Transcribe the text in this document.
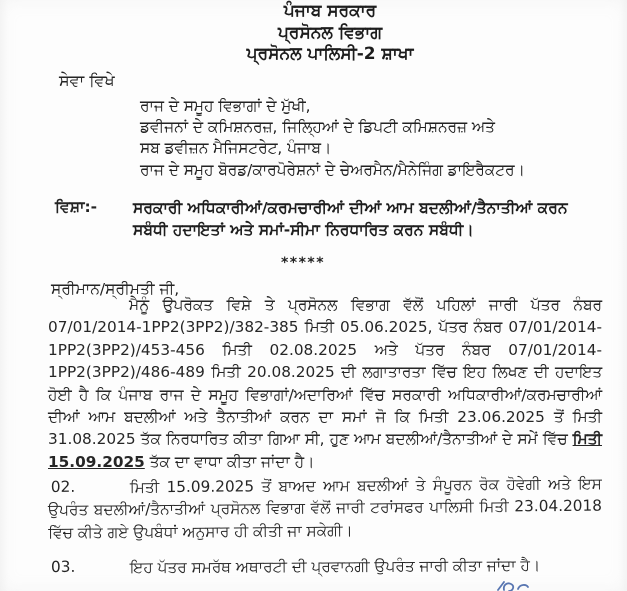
ਪੰਜਾਬ ਸਰਕਾਰ
ਪ੍ਰਸੋਨਲ ਵਿਭਾਗ
ਪ੍ਰਸੋਨਲ ਪਾਲਿਸੀ-2 ਸ਼ਾਖਾ
ਸੇਵਾ ਵਿਖੇ
ਰਾਜ ਦੇ ਸਮੂਹ ਵਿਭਾਗਾਂ ਦੇ ਮੁੱਖੀ,
ਡਵੀਜਨਾਂ ਦੇ ਕਮਿਸ਼ਨਰਜ਼, ਜਿਲ੍ਹਿਆਂ ਦੇ ਡਿਪਟੀ ਕਮਿਸ਼ਨਰਜ਼ ਅਤੇ
ਸਬ ਡਵੀਜ਼ਨ ਮੈਜਿਸਟਰੇਟ, ਪੰਜਾਬ।
ਰਾਜ ਦੇ ਸਮੂਹ ਬੋਰਡ/ਕਾਰਪੋਰੇਸ਼ਨਾਂ ਦੇ ਚੇਅਰਮੈਨ/ਮੈਨੇਜਿੰਗ ਡਾਇਰੈਕਟਰ।
ਵਿਸ਼ਾ:- ਸਰਕਾਰੀ ਅਧਿਕਾਰੀਆਂ/ਕਰਮਚਾਰੀਆਂ ਦੀਆਂ ਆਮ ਬਦਲੀਆਂ/ਤੈਨਾਤੀਆਂ ਕਰਨ ਸਬੰਧੀ ਹਦਾਇਤਾਂ ਅਤੇ ਸਮਾਂ-ਸੀਮਾ ਨਿਰਧਾਰਿਤ ਕਰਨ ਸਬੰਧੀ।
*****
ਸ੍ਰੀਮਾਨ/ਸ੍ਰੀਮਤੀ ਜੀ,

ਮੈਨੂੰ ਉਪਰੋਕਤ ਵਿਸ਼ੇ ਤੇ ਪ੍ਰਸੋਨਲ ਵਿਭਾਗ ਵੱਲੋਂ ਪਹਿਲਾਂ ਜਾਰੀ ਪੱਤਰ ਨੰਬਰ 07/01/2014-1PP2(3PP2)/382-385 ਮਿਤੀ 05.06.2025, ਪੱਤਰ ਨੰਬਰ 07/01/2014-1PP2(3PP2)/453-456 ਮਿਤੀ 02.08.2025 ਅਤੇ ਪੱਤਰ ਨੰਬਰ 07/01/2014-1PP2(3PP2)/486-489 ਮਿਤੀ 20.08.2025 ਦੀ ਲਗਾਤਾਰਤਾ ਵਿੱਚ ਇਹ ਲਿਖਣ ਦੀ ਹਦਾਇਤ ਹੋਈ ਹੈ ਕਿ ਪੰਜਾਬ ਰਾਜ ਦੇ ਸਮੂਹ ਵਿਭਾਗਾਂ/ਅਦਾਰਿਆਂ ਵਿੱਚ ਸਰਕਾਰੀ ਅਧਿਕਾਰੀਆਂ/ਕਰਮਚਾਰੀਆਂ ਦੀਆਂ ਆਮ ਬਦਲੀਆਂ ਅਤੇ ਤੈਨਾਤੀਆਂ ਕਰਨ ਦਾ ਸਮਾਂ ਜੋ ਕਿ ਮਿਤੀ 23.06.2025 ਤੋਂ ਮਿਤੀ 31.08.2025 ਤੱਕ ਨਿਰਧਾਰਿਤ ਕੀਤਾ ਗਿਆ ਸੀ, ਹੁਣ ਆਮ ਬਦਲੀਆਂ/ਤੈਨਾਤੀਆਂ ਦੇ ਸਮੇਂ ਵਿੱਚ ਮਿਤੀ 15.09.2025 ਤੱਕ ਦਾ ਵਾਧਾ ਕੀਤਾ ਜਾਂਦਾ ਹੈ।

02.	ਮਿਤੀ 15.09.2025 ਤੋਂ ਬਾਅਦ ਆਮ ਬਦਲੀਆਂ ਤੇ ਸੰਪੂਰਨ ਰੋਕ ਹੋਵੇਗੀ ਅਤੇ ਇਸ ਉਪਰੰਤ ਬਦਲੀਆਂ/ਤੈਨਾਤੀਆਂ ਪ੍ਰਸੋਨਲ ਵਿਭਾਗ ਵੱਲੋਂ ਜਾਰੀ ਟਰਾਂਸਫਰ ਪਾਲਿਸੀ ਮਿਤੀ 23.04.2018 ਵਿੱਚ ਕੀਤੇ ਗਏ ਉਪਬੰਧਾਂ ਅਨੁਸਾਰ ਹੀ ਕੀਤੀ ਜਾ ਸਕੇਗੀ।

03.	ਇਹ ਪੱਤਰ ਸਮਰੱਥ ਅਥਾਰਟੀ ਦੀ ਪ੍ਰਵਾਨਗੀ ਉਪਰੰਤ ਜਾਰੀ ਕੀਤਾ ਜਾਂਦਾ ਹੈ।
